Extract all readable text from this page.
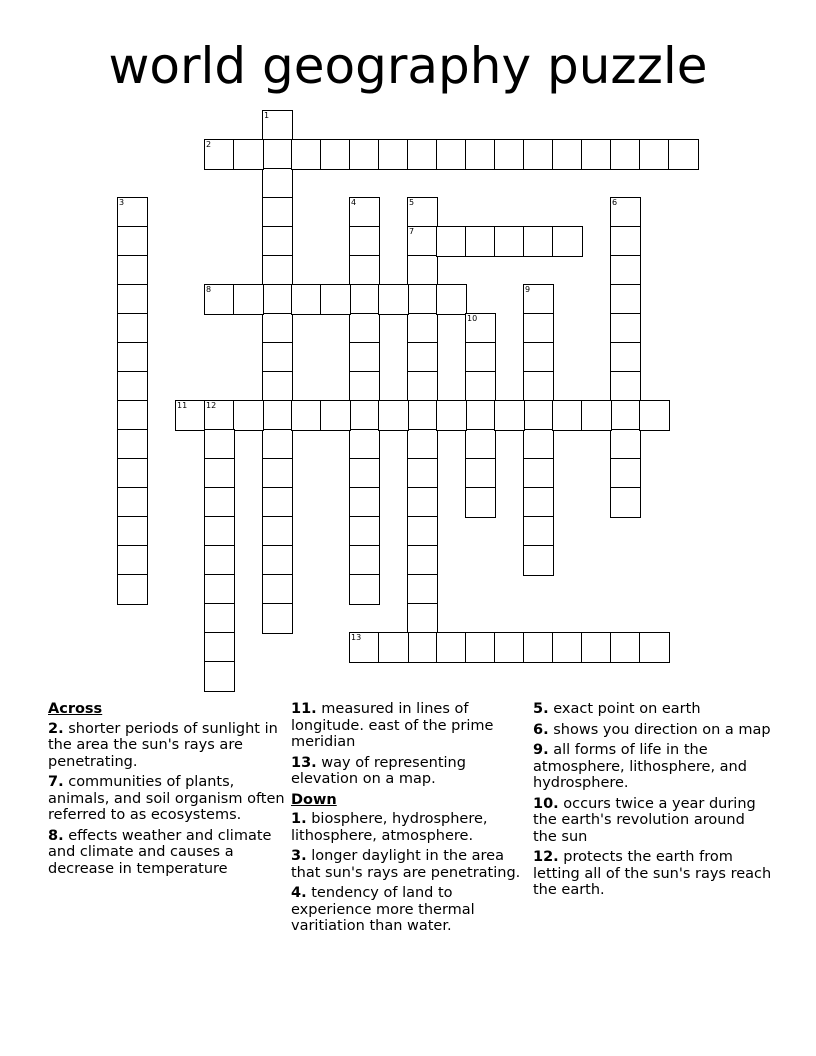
world geography puzzle
1
2
3	4	5
7
6
8	9
10
11 12
13
Across
2. shorter periods of sunlight in the area the sun's rays are penetrating.
7. communities of plants, animals, and soil organism often referred to as ecosystems.
8. effects weather and climate and climate and causes a decrease in temperature
11. measured in lines of longitude. east of the prime meridian
13. way of representing elevation on a map.
Down
1. biosphere, hydrosphere, lithosphere, atmosphere.
3. longer daylight in the area that sun's rays are penetrating.
4. tendency of land to experience more thermal varitiation than water.
5. exact point on earth
6. shows you direction on a map
9. all forms of life in the atmosphere, lithosphere, and hydrosphere.
10. occurs twice a year during the earth's revolution around the sun
12. protects the earth from letting all of the sun's rays reach the earth.
